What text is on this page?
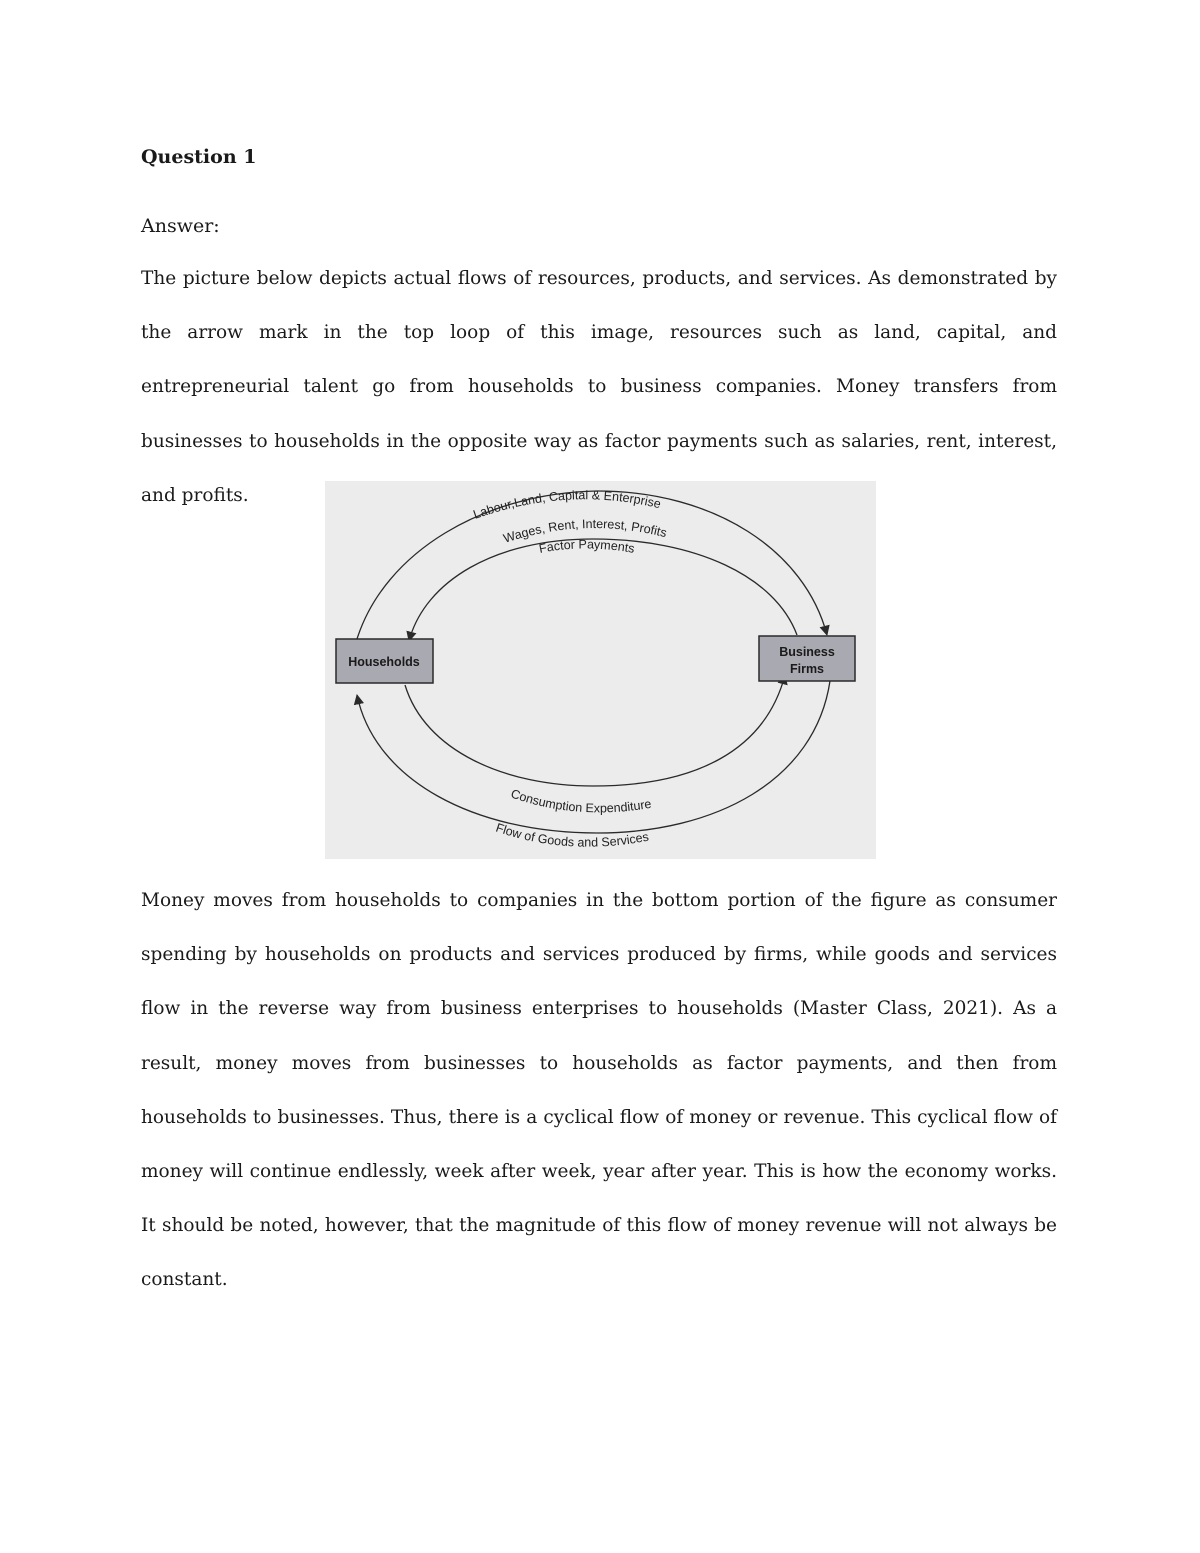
Question 1
Answer:

The picture below depicts actual flows of resources, products, and services. As demonstrated by the arrow mark in the top loop of this image, resources such as land, capital, and entrepreneurial talent go from households to business companies. Money transfers from businesses to households in the opposite way as factor payments such as salaries, rent, interest, and profits.

Money moves from households to companies in the bottom portion of the figure as consumer spending by households on products and services produced by firms, while goods and services flow in the reverse way from business enterprises to households (Master Class, 2021). As a result, money moves from businesses to households as factor payments, and then from households to businesses. Thus, there is a cyclical flow of money or revenue. This cyclical flow of money will continue endlessly, week after week, year after year. This is how the economy works. It should be noted, however, that the magnitude of this flow of money revenue will not always be constant.

Households
Business
Firms
Labour,Land, Capital & Enterprise
Wages, Rent, Interest, Profits
Factor Payments
Consumption Expenditure
Flow of Goods and Services
